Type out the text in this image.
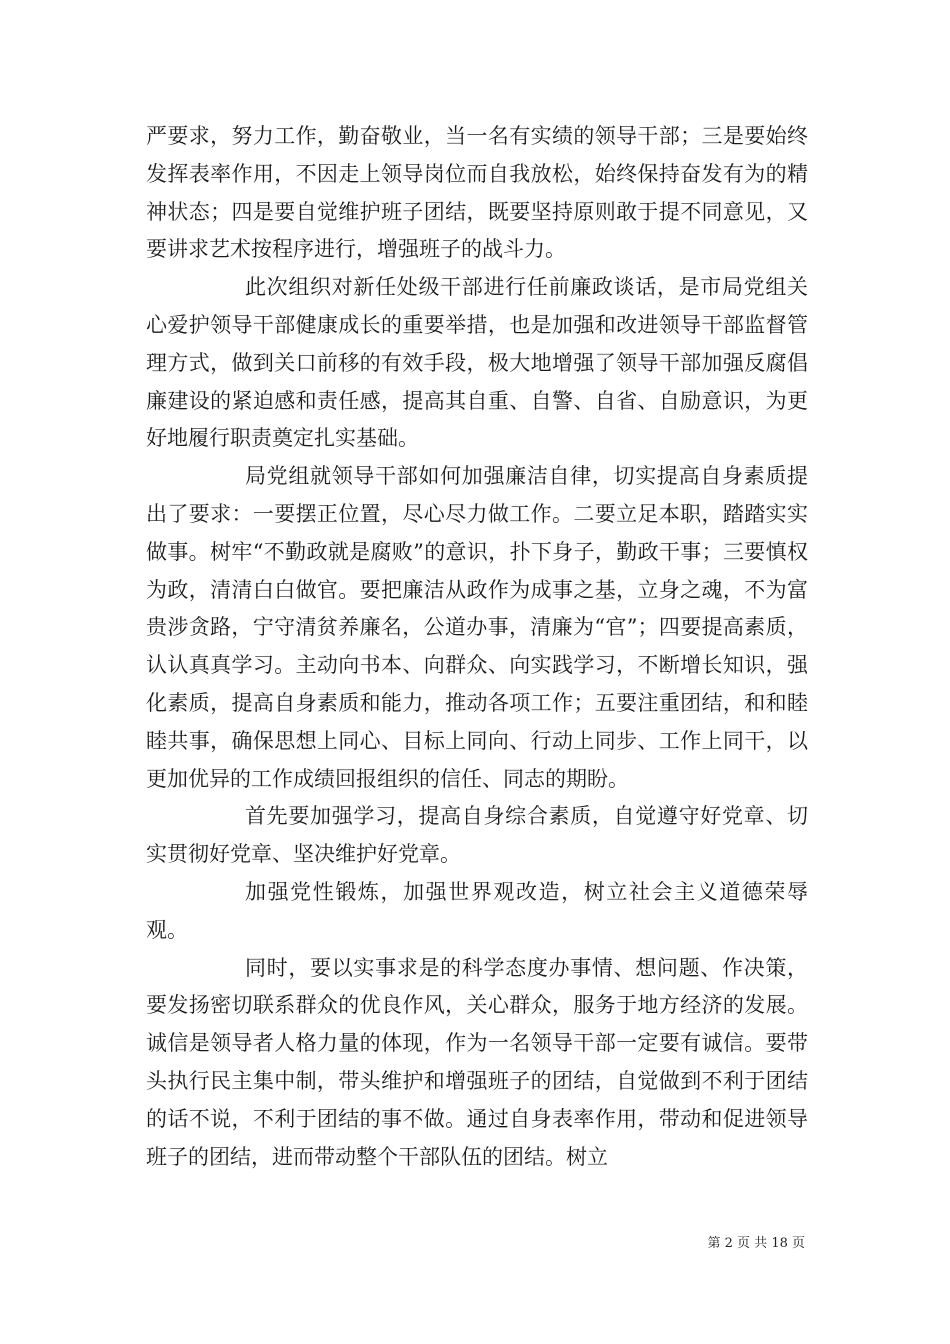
严要求，努力工作，勤奋敬业，当一名有实绩的领导干部；三是要始终发挥表率作用，不因走上领导岗位而自我放松，始终保持奋发有为的精神状态；四是要自觉维护班子团结，既要坚持原则敢于提不同意见，又要讲求艺术按程序进行，增强班子的战斗力。

此次组织对新任处级干部进行任前廉政谈话，是市局党组关心爱护领导干部健康成长的重要举措，也是加强和改进领导干部监督管理方式，做到关口前移的有效手段，极大地增强了领导干部加强反腐倡廉建设的紧迫感和责任感，提高其自重、自警、自省、自励意识，为更好地履行职责奠定扎实基础。

局党组就领导干部如何加强廉洁自律，切实提高自身素质提出了要求：一要摆正位置，尽心尽力做工作。二要立足本职，踏踏实实做事。树牢“不勤政就是腐败”的意识，扑下身子，勤政干事；三要慎权为政，清清白白做官。要把廉洁从政作为成事之基，立身之魂，不为富贵涉贪路，宁守清贫养廉名，公道办事，清廉为“官”；四要提高素质，认认真真学习。主动向书本、向群众、向实践学习，不断增长知识，强化素质，提高自身素质和能力，推动各项工作；五要注重团结，和和睦睦共事，确保思想上同心、目标上同向、行动上同步、工作上同干，以更加优异的工作成绩回报组织的信任、同志的期盼。

首先要加强学习，提高自身综合素质，自觉遵守好党章、切实贯彻好党章、坚决维护好党章。

加强党性锻炼，加强世界观改造，树立社会主义道德荣辱观。

同时，要以实事求是的科学态度办事情、想问题、作决策，要发扬密切联系群众的优良作风，关心群众，服务于地方经济的发展。诚信是领导者人格力量的体现，作为一名领导干部一定要有诚信。要带头执行民主集中制，带头维护和增强班子的团结，自觉做到不利于团结的话不说，不利于团结的事不做。通过自身表率作用，带动和促进领导班子的团结，进而带动整个干部队伍的团结。树立

第 2 页 共 18 页
